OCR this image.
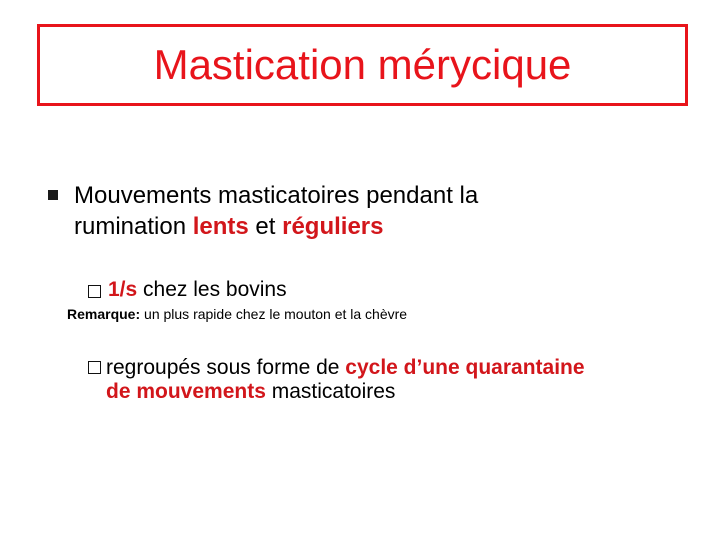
Mastication mérycique
Mouvements masticatoires pendant la
rumination lents et réguliers
1/s chez les bovins
Remarque: un plus rapide chez le mouton et la chèvre
regroupés sous forme de cycle d’une quarantaine
de mouvements masticatoires
